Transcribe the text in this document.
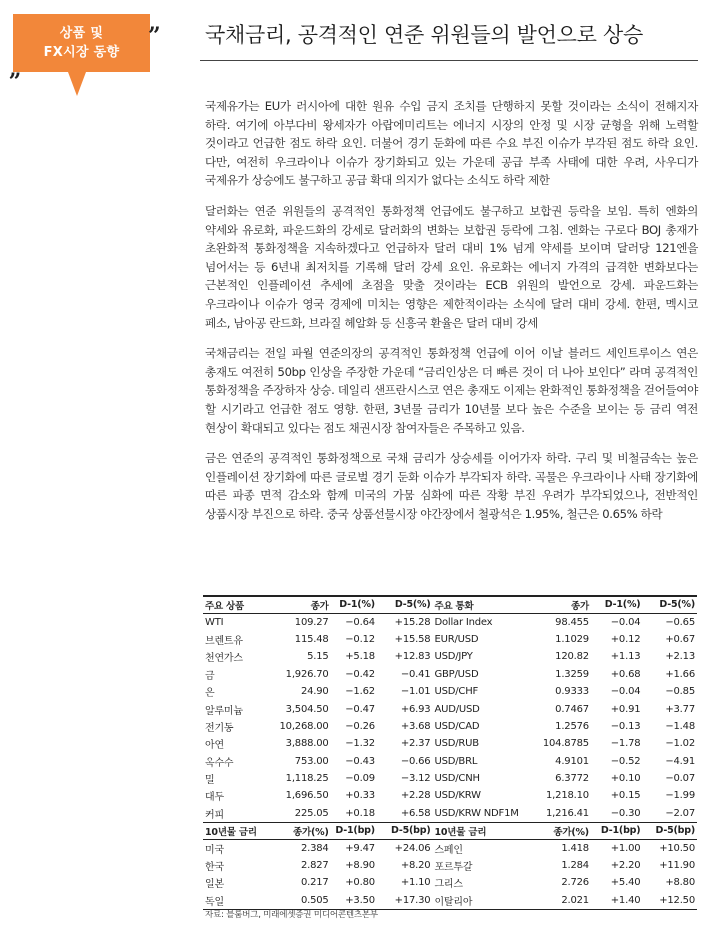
상품 및
FX시장 동향
”
„
국채금리, 공격적인 연준 위원들의 발언으로 상승

국제유가는 EU가 러시아에 대한 원유 수입 금지 조치를 단행하지 못할 것이라는 소식이 전해지자 하락. 여기에 아부다비 왕세자가 아랍에미리트는 에너지 시장의 안정 및 시장 균형을 위해 노력할 것이라고 언급한 점도 하락 요인. 더불어 경기 둔화에 따른 수요 부진 이슈가 부각된 점도 하락 요인. 다만, 여전히 우크라이나 이슈가 장기화되고 있는 가운데 공급 부족 사태에 대한 우려, 사우디가 국제유가 상승에도 불구하고 공급 확대 의지가 없다는 소식도 하락 제한

달러화는 연준 위원들의 공격적인 통화정책 언급에도 불구하고 보합권 등락을 보임. 특히 엔화의 약세와 유로화, 파운드화의 강세로 달러화의 변화는 보합권 등락에 그침. 엔화는 구로다 BOJ 총재가 초완화적 통화정책을 지속하겠다고 언급하자 달러 대비 1% 넘게 약세를 보이며 달러당 121엔을 넘어서는 등 6년내 최저치를 기록해 달러 강세 요인. 유로화는 에너지 가격의 급격한 변화보다는 근본적인 인플레이션 추세에 초점을 맞출 것이라는 ECB 위원의 발언으로 강세. 파운드화는 우크라이나 이슈가 영국 경제에 미치는 영향은 제한적이라는 소식에 달러 대비 강세. 한편, 멕시코 페소, 남아공 란드화, 브라질 헤알화 등 신흥국 환율은 달러 대비 강세

국채금리는 전일 파월 연준의장의 공격적인 통화정책 언급에 이어 이날 블러드 세인트루이스 연은 총재도 여전히 50bp 인상을 주장한 가운데 “금리인상은 더 빠른 것이 더 나아 보인다” 라며 공격적인 통화정책을 주장하자 상승. 데일리 샌프란시스코 연은 총재도 이제는 완화적인 통화정책을 걷어들여야 할 시기라고 언급한 점도 영향. 한편, 3년물 금리가 10년물 보다 높은 수준을 보이는 등 금리 역전 현상이 확대되고 있다는 점도 채권시장 참여자들은 주목하고 있음.

금은 연준의 공격적인 통화정책으로 국채 금리가 상승세를 이어가자 하락. 구리 및 비철금속는 높은 인플레이션 장기화에 따른 글로벌 경기 둔화 이슈가 부각되자 하락. 곡물은 우크라이나 사태 장기화에 따른 파종 면적 감소와 함께 미국의 가뭄 심화에 따른 작황 부진 우려가 부각되었으나, 전반적인 상품시장 부진으로 하락. 중국 상품선물시장 야간장에서 철광석은 1.95%, 철근은 0.65% 하락

주요 상품	종가	D-1(%)	D-5(%)	주요 통화	종가	D-1(%)	D-5(%)
WTI	109.27	−0.64	+15.28	Dollar Index	98.455	−0.04	−0.65
브렌트유	115.48	−0.12	+15.58	EUR/USD	1.1029	+0.12	+0.67
천연가스	5.15	+5.18	+12.83	USD/JPY	120.82	+1.13	+2.13
금	1,926.70	−0.42	−0.41	GBP/USD	1.3259	+0.68	+1.66
은	24.90	−1.62	−1.01	USD/CHF	0.9333	−0.04	−0.85
알루미늄	3,504.50	−0.47	+6.93	AUD/USD	0.7467	+0.91	+3.77
전기동	10,268.00	−0.26	+3.68	USD/CAD	1.2576	−0.13	−1.48
아연	3,888.00	−1.32	+2.37	USD/RUB	104.8785	−1.78	−1.02
옥수수	753.00	−0.43	−0.66	USD/BRL	4.9101	−0.52	−4.91
밀	1,118.25	−0.09	−3.12	USD/CNH	6.3772	+0.10	−0.07
대두	1,696.50	+0.33	+2.28	USD/KRW	1,218.10	+0.15	−1.99
커피	225.05	+0.18	+6.58	USD/KRW NDF1M	1,216.41	−0.30	−2.07
10년물 금리	종가(%)	D-1(bp)	D-5(bp)	10년물 금리	종가(%)	D-1(bp)	D-5(bp)
미국	2.384	+9.47	+24.06	스페인	1.418	+1.00	+10.50
한국	2.827	+8.90	+8.20	포르투갈	1.284	+2.20	+11.90
일본	0.217	+0.80	+1.10	그리스	2.726	+5.40	+8.80
독일	0.505	+3.50	+17.30	이탈리아	2.021	+1.40	+12.50
자료: 블룸버그, 미래에셋증권 미디어콘텐츠본부
